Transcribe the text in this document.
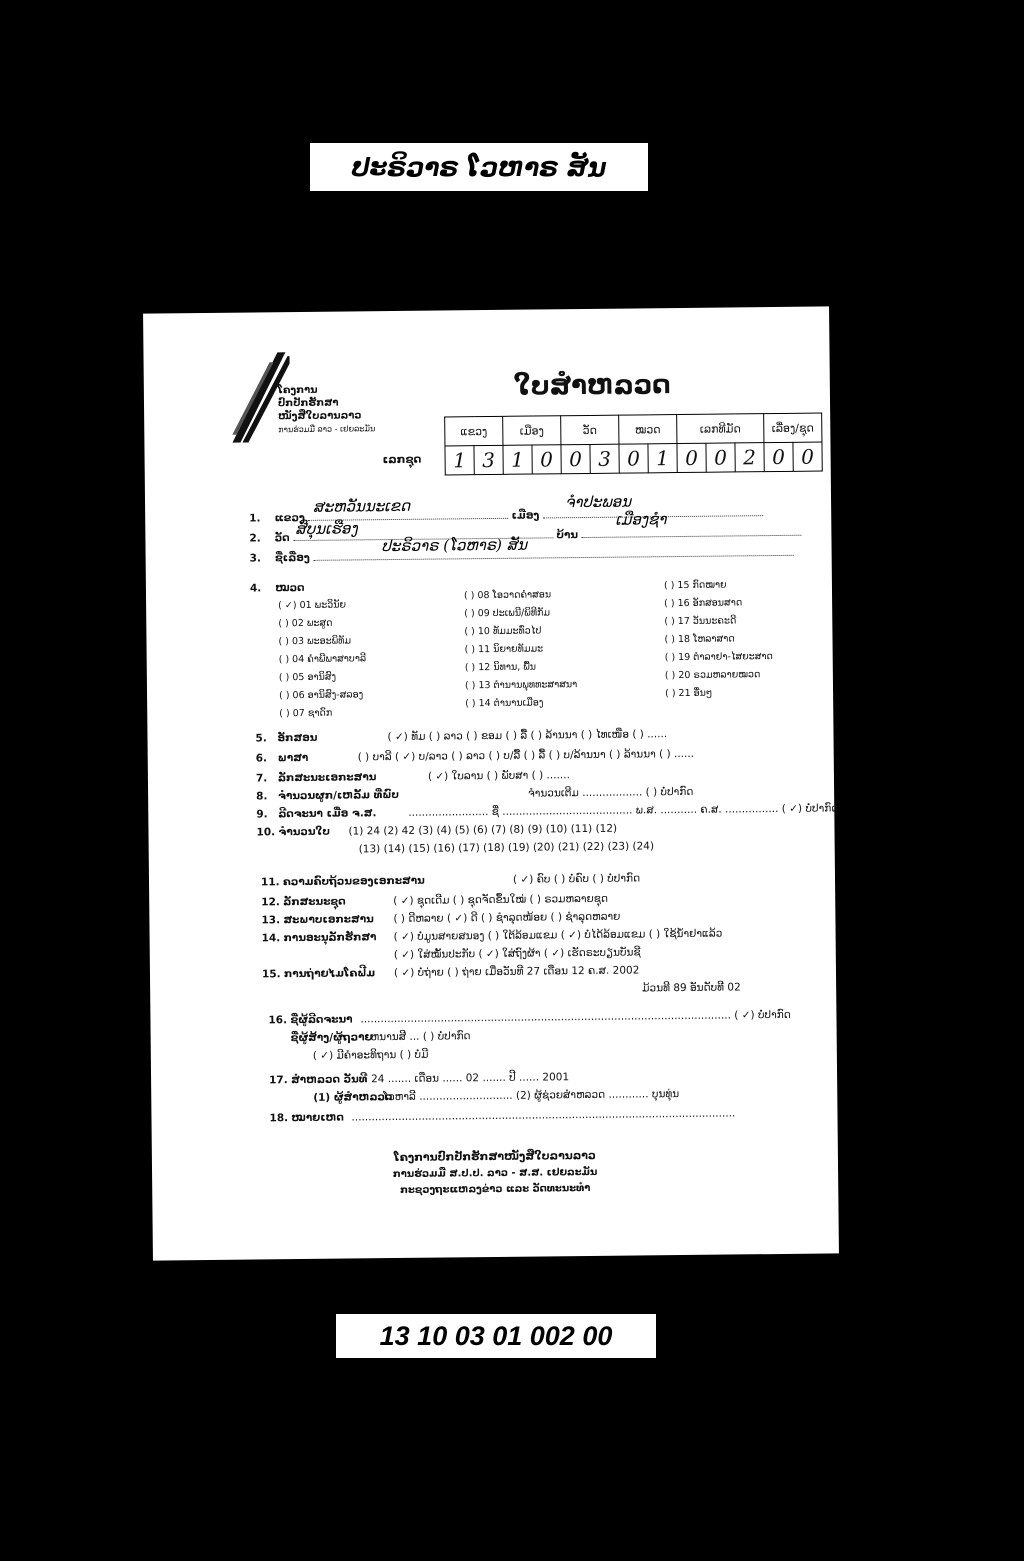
ປະຣິວາຣ ໂວຫາຣ ສັນ
ໂຄງການ
ປົກປັກຮັກສາ
ໜັງສືໃບລານລາວ
ການຮ່ວມມື ລາວ - ເຢຍລະມັນ
ໃບສຳຫລວດ
ເລກຊຸດ
ແຂວງ		ເມືອງ		ວັດ		ໝວດ		ເລກທີມັດ			ເລື່ອງ/ຊຸດ	
1	3	1	0	0	3	0	1	0	0	2	0	0
1. ແຂວງ	ເມືອງ
ສະຫວັນນະເຂດ	ຈຳປະພອນ
2. ວັດ	ບ້ານ
ສີບຸນເຮືອງ	ເມືອງຊຳ
3. ຊື່ເລື່ອງ
ປະຣິວາຣ (ໂວຫາຣ) ສັນ
4. ໝວດ
( ✓) 01 ພະວິນັຍ
( ) 02 ພະສູດ
( ) 03 ພະອະພິທັມ
( ) 04 ຄຳພີພາສາບາລີ
( ) 05 ອານິສົງ
( ) 06 ອານິສົງ-ສລອງ
( ) 07 ຊາດົກ
( ) 08 ໂອວາດຄຳສອນ
( ) 09 ປະເພນີ/ພິທີກັມ
( ) 10 ທັມມະທົ່ວໄປ
( ) 11 ນິຍາຍທັມມະ
( ) 12 ນິທານ, ພື້ນ
( ) 13 ຕຳນານພຸທທະສາສນາ
( ) 14 ຕຳນານເມືອງ
( ) 15 ກົດໝາຍ
( ) 16 ອັກສອນສາດ
( ) 17 ວັນນະຄະດີ
( ) 18 ໂຫລາສາດ
( ) 19 ຕຳລາຢາ-ໄສຍະສາດ
( ) 20 ຣວມຫລາຍໝວດ
( ) 21 ອື່ນໆ
5. ອັກສອນ	( ✓) ທັມ ( ) ລາວ ( ) ຂອມ ( ) ລື້ ( ) ລ້ານນາ ( ) ໄທເໜືອ ( ) ......
6. ພາສາ	( ) ບາລີ ( ✓) ບ/ລາວ ( ) ລາວ ( ) ບ/ລື້ ( ) ລື້ ( ) ບ/ລ້ານນາ ( ) ລ້ານນາ ( ) ......
7. ລັກສະນະເອກະສານ	( ✓) ໃບລານ ( ) ພັບສາ ( ) .......
8. ຈຳນວນຜູກ/ເຫລັ້ມ ທີ່ພົບ	ຈຳນວນເຕີມ .................. ( ) ບໍ່ປາກົດ
9. ລີດຈະນາ ເມື່ອ ຈ.ສ.	........................ ຊື່ ....................................... ພ.ສ. ........... ຄ.ສ. ................ ( ✓) ບໍ່ປາກົດ
10. ຈຳນວນໃບ (1) 24 (2) 42 (3) (4) (5) (6) (7) (8) (9) (10) (11) (12)
(13) (14) (15) (16) (17) (18) (19) (20) (21) (22) (23) (24)
11. ຄວາມຄົບຖ້ວນຂອງເອກະສານ	( ✓) ຄົບ ( ) ບໍ່ຄົບ ( ) ບໍ່ປາກົດ
12. ລັກສະນະຊຸດ	( ✓) ຊຸດເດີມ ( ) ຊຸດຈັດຂຶ້ນໃໝ່ ( ) ຣວມຫລາຍຊຸດ
13. ສະພາບເອກະສານ ( ) ດີຫລາຍ ( ✓) ດີ ( ) ຊຳລຸດໜ້ອຍ ( ) ຊຳລຸດຫລາຍ
14. ການອະນຸລັກຮັກສາ ( ✓) ບໍ່ມູນສາຍສນອງ ( ) ໃຕ້ລ້ອມແຂມ ( ✓) ບໍ່ໄດ້ລ້ອມແຂມ ( ) ໃຊ້ນ້ຳຢາແລ້ວ
( ✓) ໃສ່ໝັ້ນປະກັບ ( ✓) ໃສ່ຖົງຜ້າ ( ✓) ເຮັດຣະບຽນບັນຊີ
15. ການຖ່າຍໄມໂຄຟີມ ( ✓) ບໍ່ຖ່າຍ ( ) ຖ່າຍ ເມື່ອວັນທີ 27 ເດືອນ 12 ຄ.ສ. 2002
ມ້ວນທີ 89 ອັນດັບທີ 02
16. ຊື່ຜູ້ລີດຈະນາ ............................................................................................................... ( ✓) ບໍ່ປາກົດ
ຊື່ຜູ້ສ້າງ/ຜູ້ຖວາຍຫນານສີ ... ( ) ບໍ່ປາກົດ
( ✓) ມີຄຳອະທິຖານ ( ) ບໍ່ມີ
17. ສຳຫລວດ ວັນທີ 24 ....... ເດືອນ ...... 02 ....... ປີ ...... 2001
(1) ຜູ້ສຳຫລວດໂວຫາລີ ............................ (2) ຜູ້ຊ່ວຍສຳຫລວດ ............ ບຸນທຸ່ນ
18. ໝາຍເຫດ ...................................................................................................................
ໂຄງການປົກປັກຮັກສາໜັງສືໃບລານລາວ
ການຮ່ວມມື ສ.ປ.ປ. ລາວ - ສ.ສ. ເຢຍລະມັນ
ກະຊວງຖະແຫລງຂ່າວ ແລະ ວັດທະນະທຳ
13 10 03 01 002 00
